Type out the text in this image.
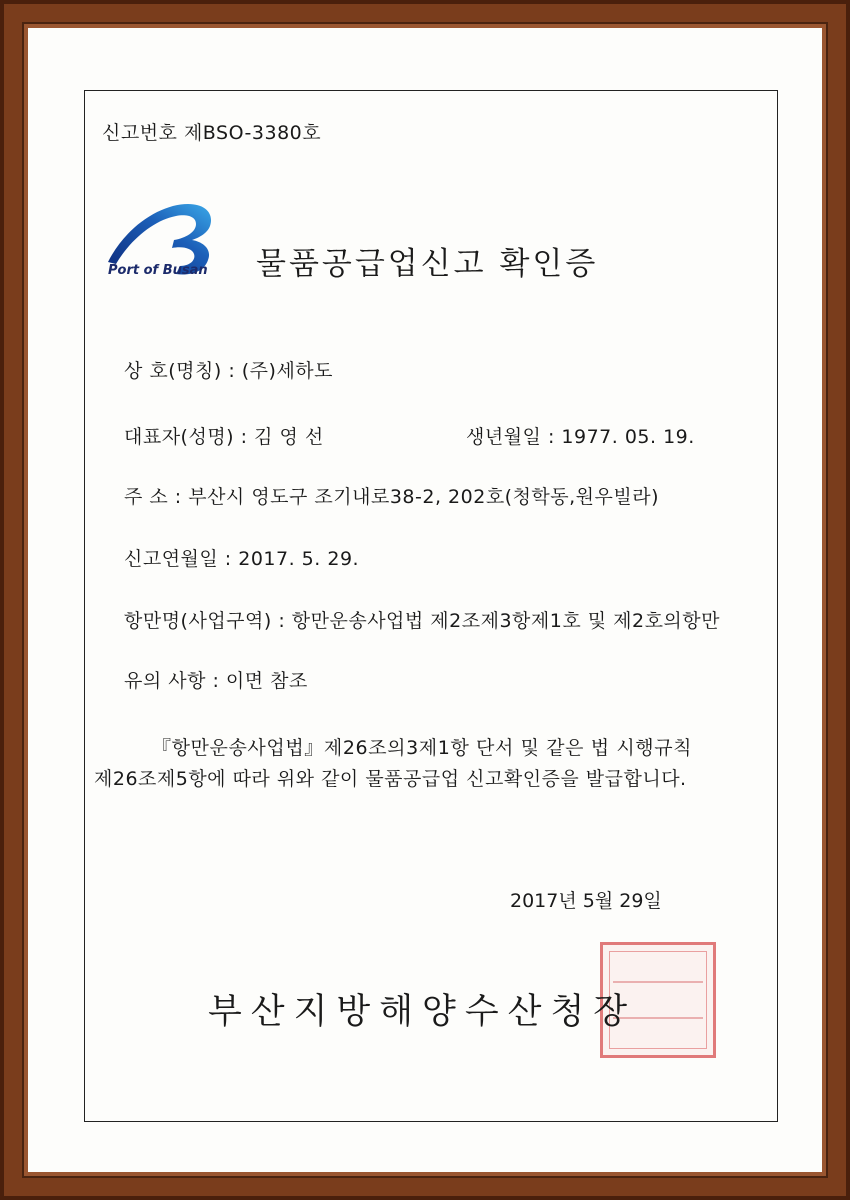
신고번호 제BSO-3380호
Port of Busan 물품공급업신고 확인증
상 호(명칭) : (주)세하도
대표자(성명) : 김 영 선	생년월일 : 1977. 05. 19.
주 소 : 부산시 영도구 조기내로38-2, 202호(청학동,원우빌라)
신고연월일 : 2017. 5. 29.
항만명(사업구역) : 항만운송사업법 제2조제3항제1호 및 제2호의항만
유의 사항 : 이면 참조
『항만운송사업법』제26조의3제1항 단서 및 같은 법 시행규칙
제26조제5항에 따라 위와 같이 물품공급업 신고확인증을 발급합니다.
2017년 5월 29일
부산지방해양수산청장
